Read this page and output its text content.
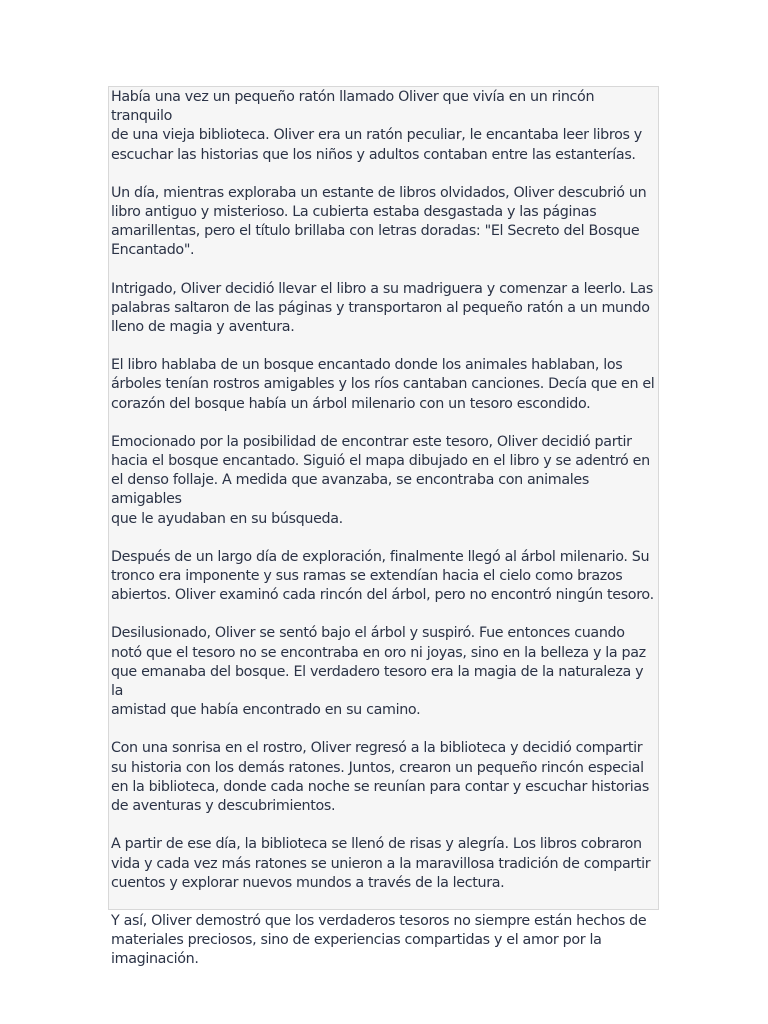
Había una vez un pequeño ratón llamado Oliver que vivía en un rincón tranquilo
de una vieja biblioteca. Oliver era un ratón peculiar, le encantaba leer libros y
escuchar las historias que los niños y adultos contaban entre las estanterías.

Un día, mientras exploraba un estante de libros olvidados, Oliver descubrió un
libro antiguo y misterioso. La cubierta estaba desgastada y las páginas
amarillentas, pero el título brillaba con letras doradas: "El Secreto del Bosque
Encantado".

Intrigado, Oliver decidió llevar el libro a su madriguera y comenzar a leerlo. Las
palabras saltaron de las páginas y transportaron al pequeño ratón a un mundo
lleno de magia y aventura.

El libro hablaba de un bosque encantado donde los animales hablaban, los
árboles tenían rostros amigables y los ríos cantaban canciones. Decía que en el
corazón del bosque había un árbol milenario con un tesoro escondido.

Emocionado por la posibilidad de encontrar este tesoro, Oliver decidió partir
hacia el bosque encantado. Siguió el mapa dibujado en el libro y se adentró en
el denso follaje. A medida que avanzaba, se encontraba con animales amigables
que le ayudaban en su búsqueda.

Después de un largo día de exploración, finalmente llegó al árbol milenario. Su
tronco era imponente y sus ramas se extendían hacia el cielo como brazos
abiertos. Oliver examinó cada rincón del árbol, pero no encontró ningún tesoro.

Desilusionado, Oliver se sentó bajo el árbol y suspiró. Fue entonces cuando
notó que el tesoro no se encontraba en oro ni joyas, sino en la belleza y la paz
que emanaba del bosque. El verdadero tesoro era la magia de la naturaleza y la
amistad que había encontrado en su camino.

Con una sonrisa en el rostro, Oliver regresó a la biblioteca y decidió compartir
su historia con los demás ratones. Juntos, crearon un pequeño rincón especial
en la biblioteca, donde cada noche se reunían para contar y escuchar historias
de aventuras y descubrimientos.

A partir de ese día, la biblioteca se llenó de risas y alegría. Los libros cobraron
vida y cada vez más ratones se unieron a la maravillosa tradición de compartir
cuentos y explorar nuevos mundos a través de la lectura.

Y así, Oliver demostró que los verdaderos tesoros no siempre están hechos de
materiales preciosos, sino de experiencias compartidas y el amor por la
imaginación.
